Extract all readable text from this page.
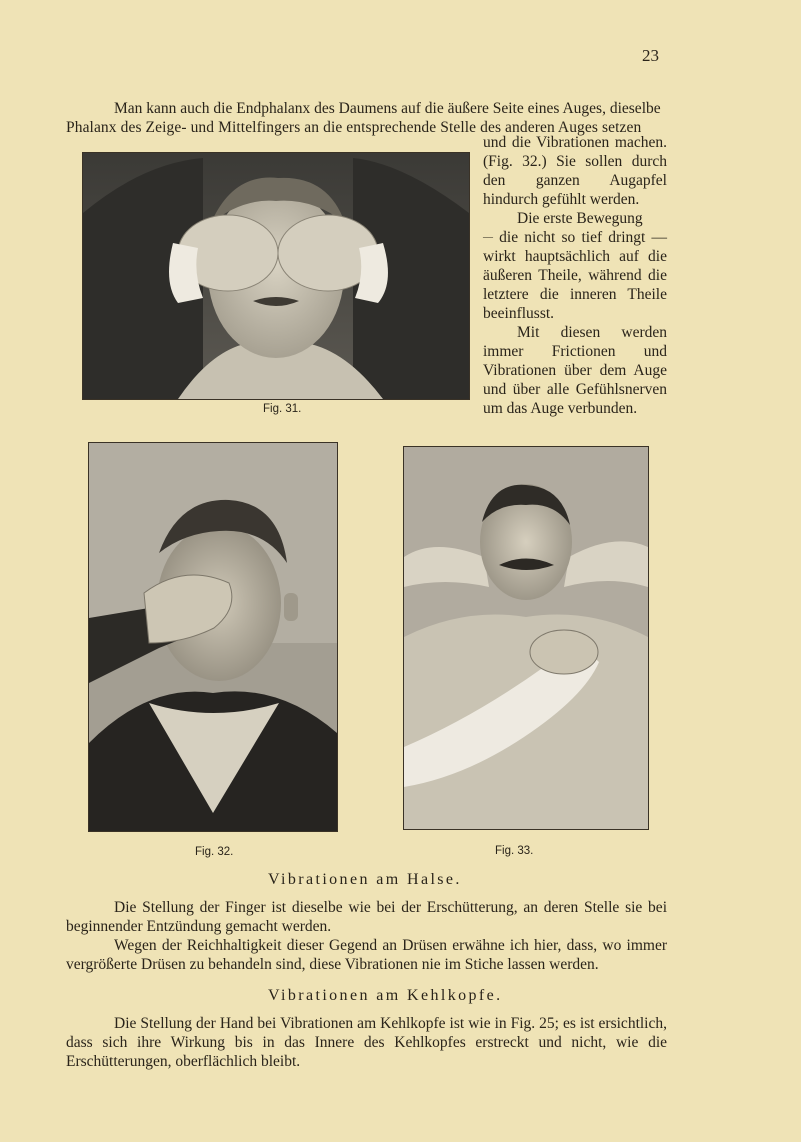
23
Man kann auch die Endphalanx des Daumens auf die äußere Seite eines Auges, dieselbe
Phalanx des Zeige- und Mittelfingers an die entsprechende Stelle des anderen Auges setzen
Fig. 31.

und die Vibrationen machen. (Fig. 32.) Sie sollen durch den ganzen Augapfel hindurch gefühlt werden.

Die erste Bewegung
— die nicht so tief dringt — wirkt hauptsächlich auf die äußeren Theile, während die letztere die inneren Theile beeinflusst.

Mit diesen werden immer Frictionen und Vibrationen über dem Auge und über alle Gefühlsnerven um das Auge verbunden.

Fig. 32.	Fig. 33.
Vibrationen am Halse.
Die Stellung der Finger ist dieselbe wie bei der Erschütterung, an deren Stelle sie bei beginnender Entzündung gemacht werden.
Wegen der Reichhaltigkeit dieser Gegend an Drüsen erwähne ich hier, dass, wo immer vergrößerte Drüsen zu behandeln sind, diese Vibrationen nie im Stiche lassen werden.
Vibrationen am Kehlkopfe.
Die Stellung der Hand bei Vibrationen am Kehlkopfe ist wie in Fig. 25; es ist ersichtlich, dass sich ihre Wirkung bis in das Innere des Kehlkopfes erstreckt und nicht, wie die Erschütterungen, oberflächlich bleibt.
